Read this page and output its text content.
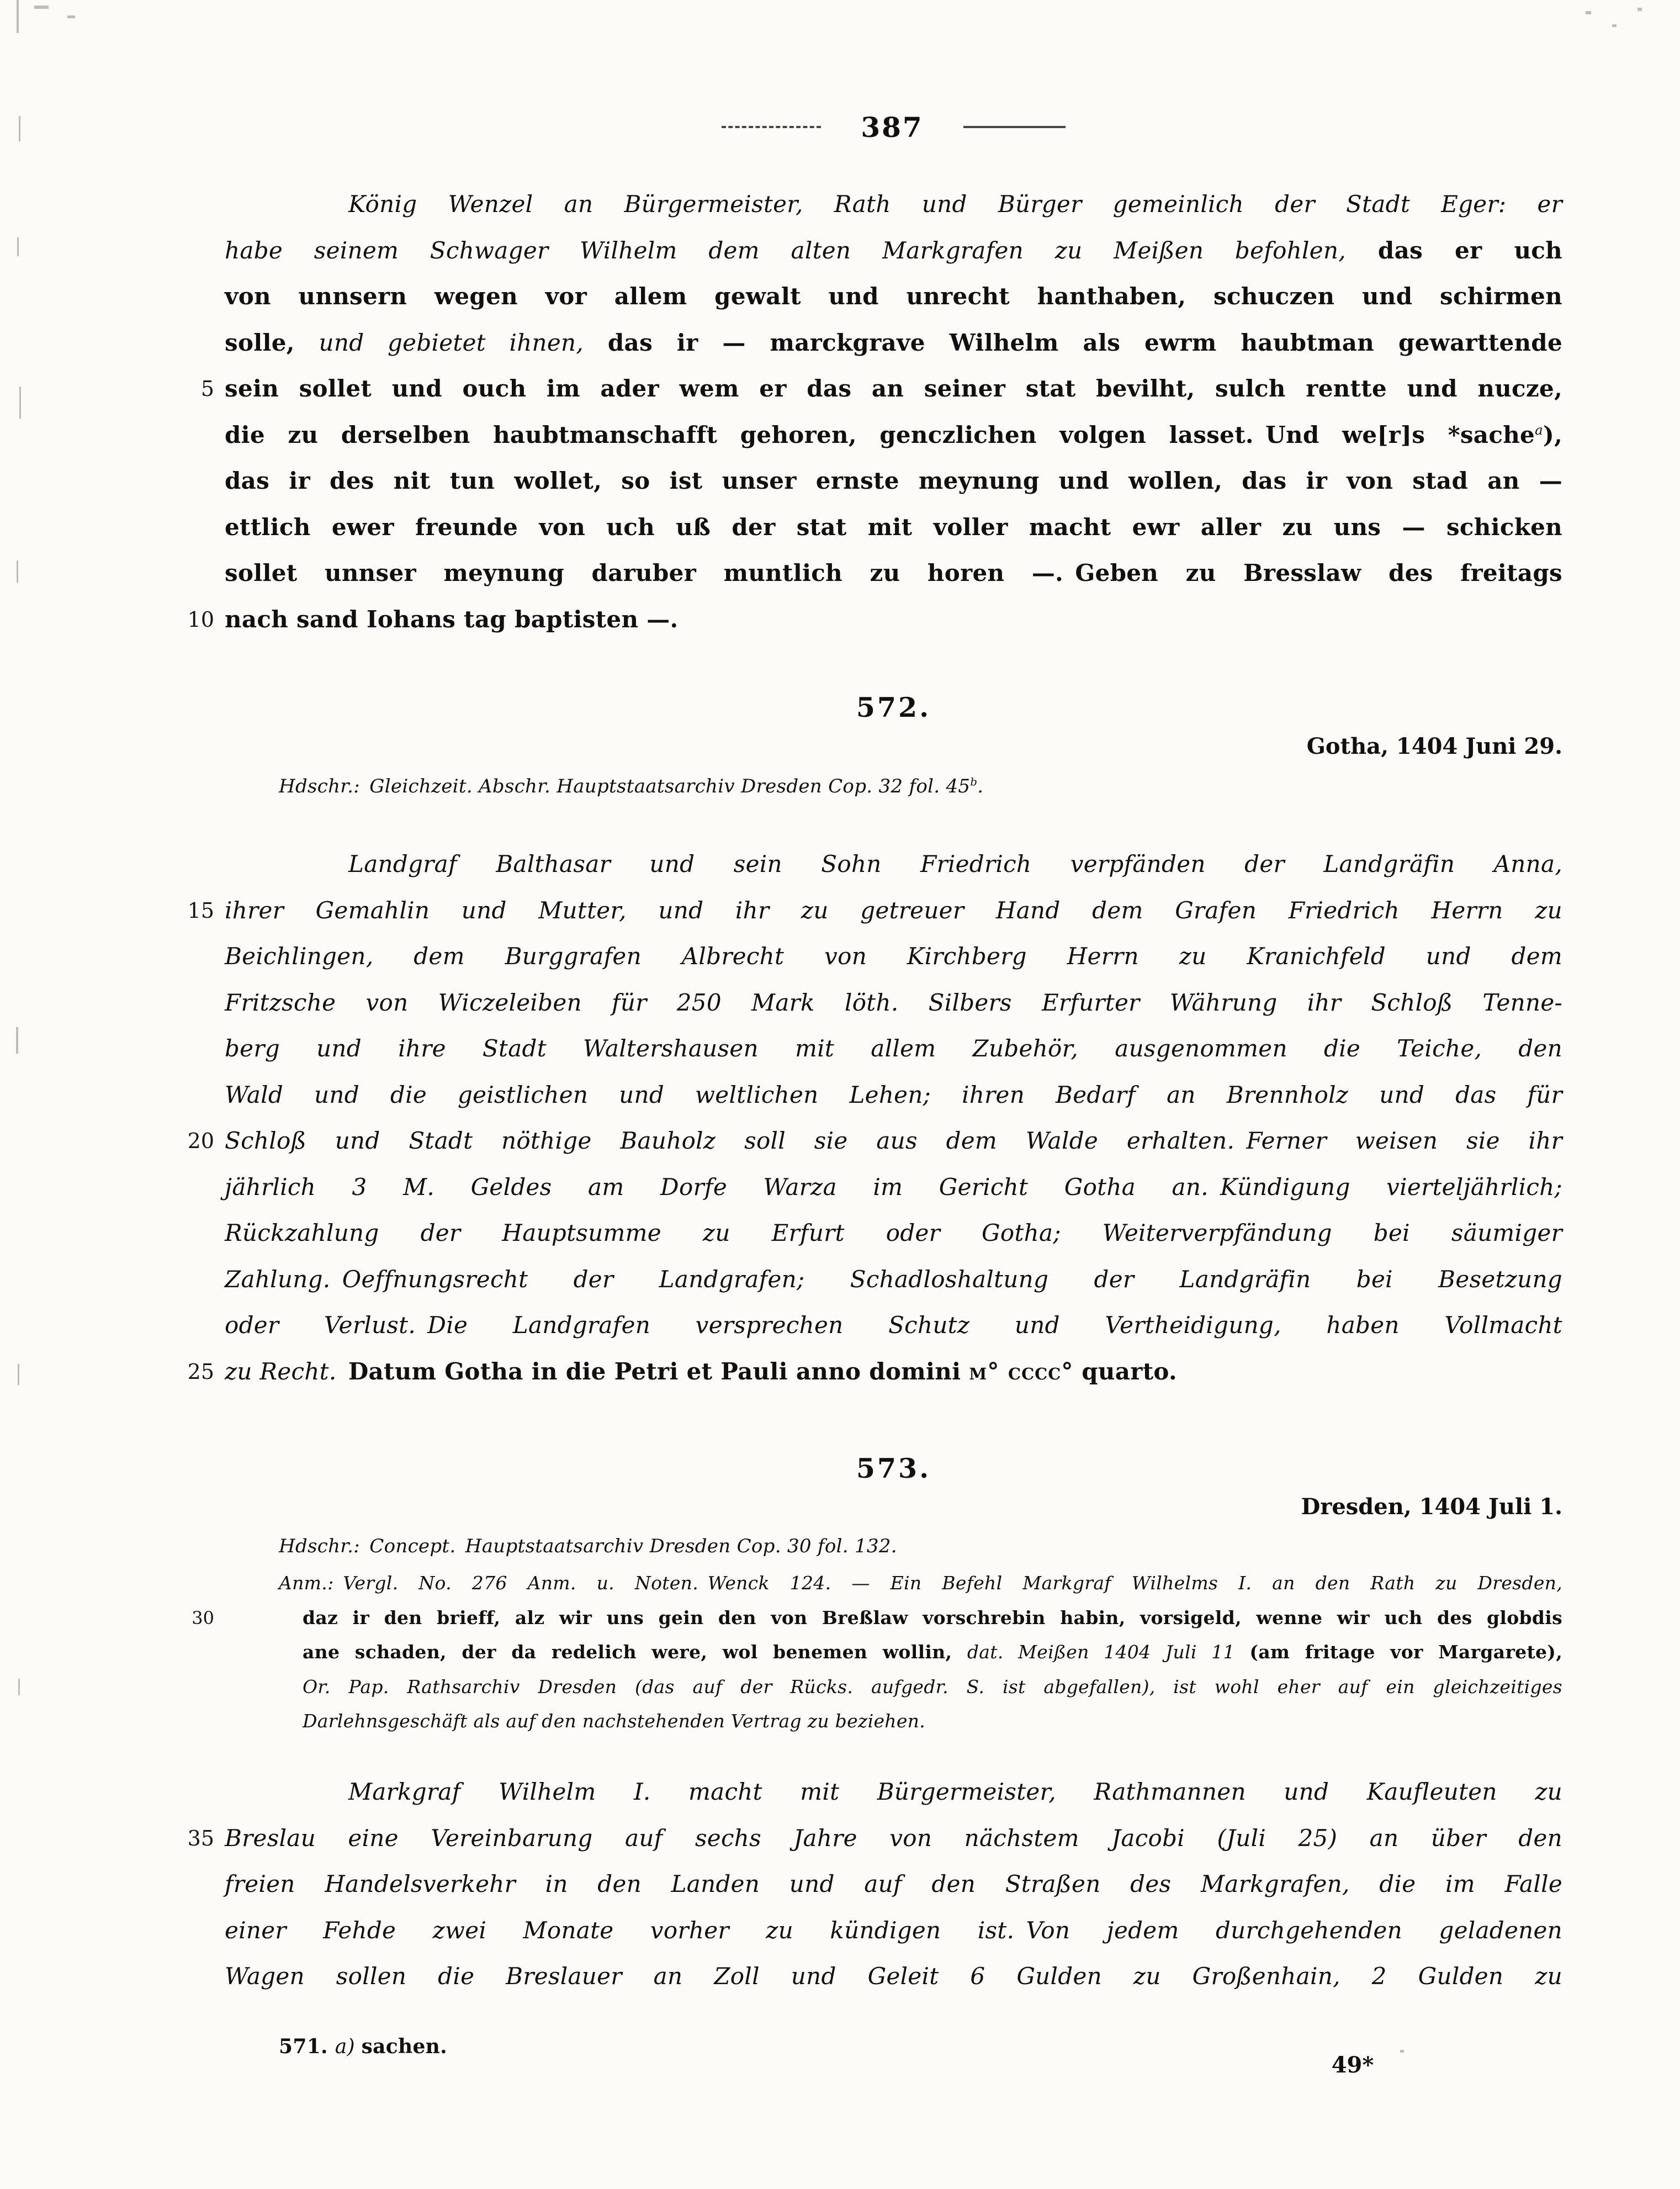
387
König Wenzel an Bürgermeister, Rath und Bürger gemeinlich der Stadt Eger: er
habe seinem Schwager Wilhelm dem alten Markgrafen zu Meißen befohlen, das er uch
von unnsern wegen vor allem gewalt und unrecht hanthaben, schuczen und schirmen
solle, und gebietet ihnen, das ir — marckgrave Wilhelm als ewrm haubtman gewarttende
sein sollet und ouch im ader wem er das an seiner stat bevilht, sulch rentte und nucze,
die zu derselben haubtmanschafft gehoren, genczlichen volgen lasset. Und we[r]s *sache$^a$),
das ir des nit tun wollet, so ist unser ernste meynung und wollen, das ir von stad an —
ettlich ewer freunde von uch uß der stat mit voller macht ewr aller zu uns — schicken
sollet unnser meynung daruber muntlich zu horen —. Geben zu Bresslaw des freitags
nach sand Iohans tag baptisten —.
572.
Gotha, 1404 Juni 29.
Hdschr.: Gleichzeit. Abschr. Hauptstaatsarchiv Dresden Cop. 32 fol. 45$^b$.
Landgraf Balthasar und sein Sohn Friedrich verpfänden der Landgräfin Anna,
ihrer Gemahlin und Mutter, und ihr zu getreuer Hand dem Grafen Friedrich Herrn zu
Beichlingen, dem Burggrafen Albrecht von Kirchberg Herrn zu Kranichfeld und dem
Fritzsche von Wiczeleiben für 250 Mark löth. Silbers Erfurter Währung ihr Schloß Tenne-
berg und ihre Stadt Waltershausen mit allem Zubehör, ausgenommen die Teiche, den
Wald und die geistlichen und weltlichen Lehen; ihren Bedarf an Brennholz und das für
Schloß und Stadt nöthige Bauholz soll sie aus dem Walde erhalten. Ferner weisen sie ihr
jährlich 3 M. Geldes am Dorfe Warza im Gericht Gotha an. Kündigung vierteljährlich;
Rückzahlung der Hauptsumme zu Erfurt oder Gotha; Weiterverpfändung bei säumiger
Zahlung. Oeffnungsrecht der Landgrafen; Schadloshaltung der Landgräfin bei Besetzung
oder Verlust. Die Landgrafen versprechen Schutz und Vertheidigung, haben Vollmacht
zu Recht. Datum Gotha in die Petri et Pauli anno domini m° cccc° quarto.
573.
Dresden, 1404 Juli 1.
Hdschr.: Concept. Hauptstaatsarchiv Dresden Cop. 30 fol. 132.
Anm.: Vergl. No. 276 Anm. u. Noten. Wenck 124. — Ein Befehl Markgraf Wilhelms I. an den Rath zu Dresden,
daz ir den brieff, alz wir uns gein den von Breßlaw vorschrebin habin, vorsigeld, wenne wir uch des globdis
ane schaden, der da redelich were, wol benemen wollin, dat. Meißen 1404 Juli 11 (am fritage vor Margarete),
Or. Pap. Rathsarchiv Dresden (das auf der Rücks. aufgedr. S. ist abgefallen), ist wohl eher auf ein gleichzeitiges
Darlehnsgeschäft als auf den nachstehenden Vertrag zu beziehen.
Markgraf Wilhelm I. macht mit Bürgermeister, Rathmannen und Kaufleuten zu
Breslau eine Vereinbarung auf sechs Jahre von nächstem Jacobi (Juli 25) an über den
freien Handelsverkehr in den Landen und auf den Straßen des Markgrafen, die im Falle
einer Fehde zwei Monate vorher zu kündigen ist. Von jedem durchgehenden geladenen
Wagen sollen die Breslauer an Zoll und Geleit 6 Gulden zu Großenhain, 2 Gulden zu
571. a) sachen.
49*
5
10
15
20
25
30
35
